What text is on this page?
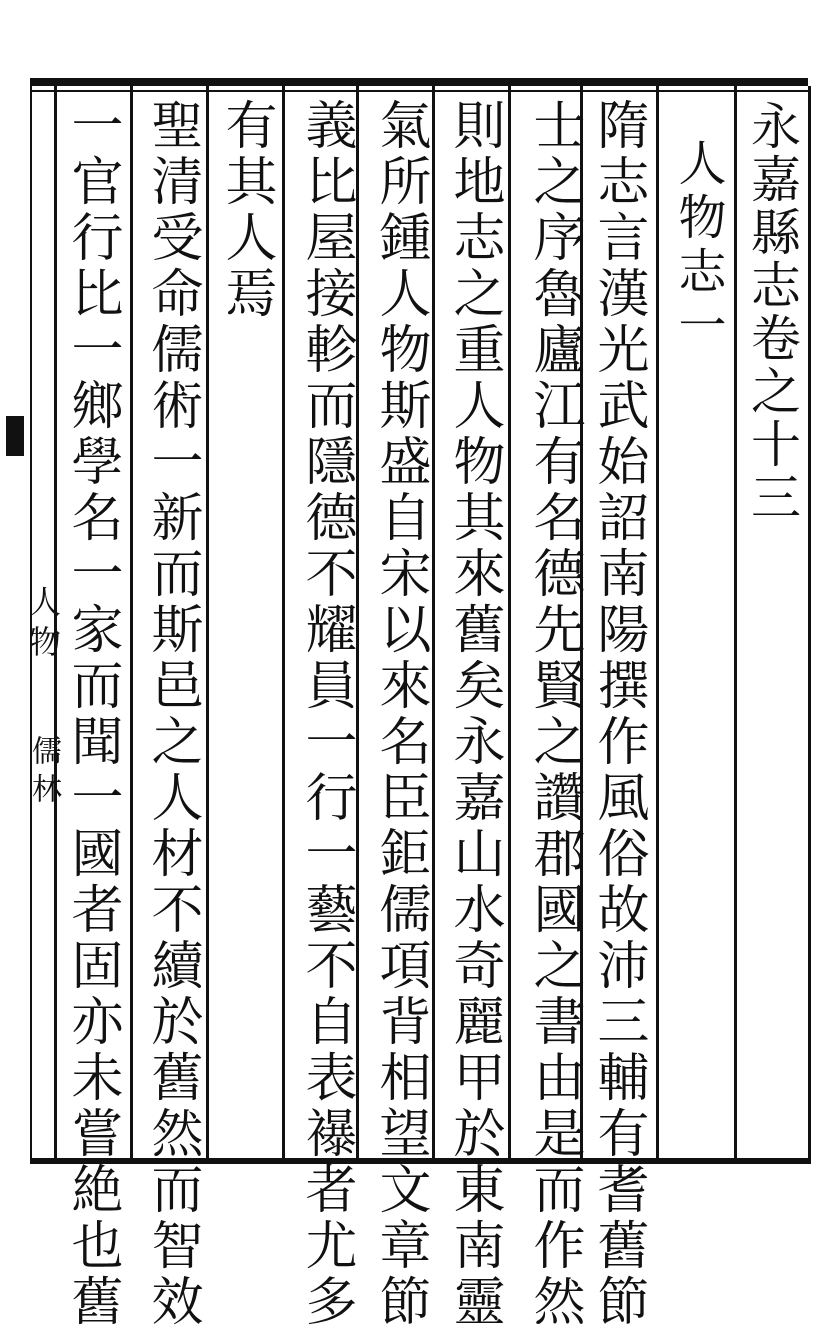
永嘉縣志卷之十三
人物志一
隋志言漢光武始詔南陽撰作風俗故沛三輔有耆舊節
士之序魯廬江有名德先賢之讚郡國之書由是而作然
則地志之重人物其來舊矣永嘉山水奇麗甲於東南靈
氣所鍾人物斯盛自宋以來名臣鉅儒項背相望文章節
義比屋接軫而隱德不耀員一行一藝不自表襮者尤多
有其人焉
聖清受命儒術一新而斯邑之人材不續於舊然而智效
一官行比一鄉學名一家而聞一國者固亦未嘗絶也舊
人物
儒林
